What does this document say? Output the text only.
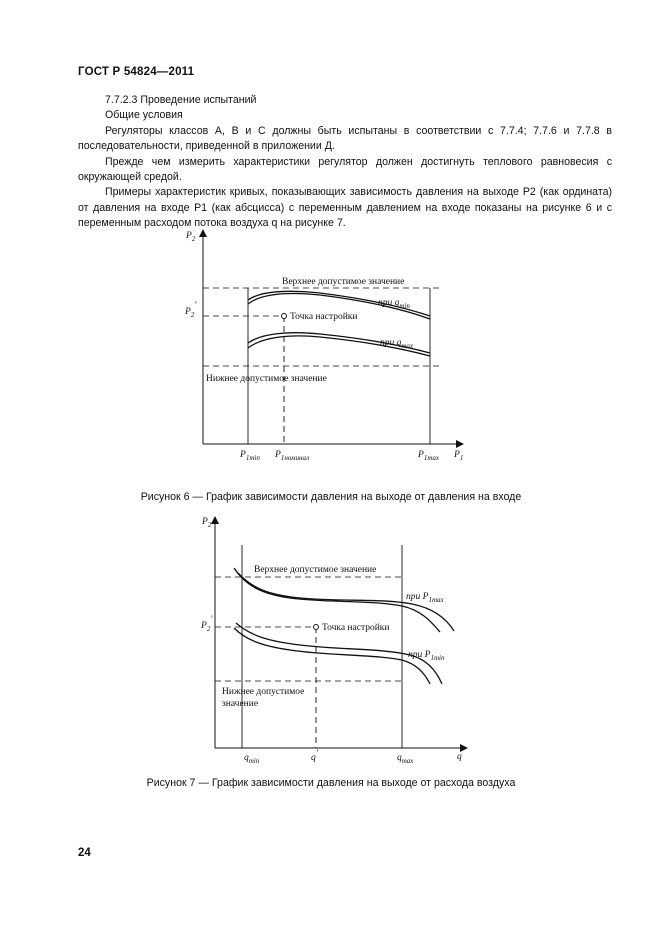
ГОСТ Р 54824—2011

7.7.2.3 Проведение испытаний

Общие условия

Регуляторы классов А, В и С должны быть испытаны в соответствии с 7.7.4; 7.7.6 и 7.7.8 в последовательности, приведенной в приложении Д.

Прежде чем измерить характеристики регулятор должен достигнуть теплового равновесия с окружающей средой.

Примеры характеристик кривых, показывающих зависимость давления на выходе P2 (как ордината) от давления на входе P1 (как абсцисса) с переменным давлением на входе показаны на рисунке 6 и с переменным расходом потока воздуха q на рисунке 7.

$P_2$
$P_2'$
Верхнее допустимое значение
Нижнее допустимое значение
Точка настройки
при $q_{min}$
при $q_{max}$
$P_{1min}$ $P_{1номинал}$	$P_{1max}$ $P_1$
Рисунок 6 — График зависимости давления на выходе от давления на входе
$P_2$
$P_2'$
Верхнее допустимое значение
Нижнее допустимое
значение
Точка настройки
при $P_{1max}$
при $P_{1min}$
$q_{min}$	q′	$q_{max}$	q
Рисунок 7 — График зависимости давления на выходе от расхода воздуха
24
